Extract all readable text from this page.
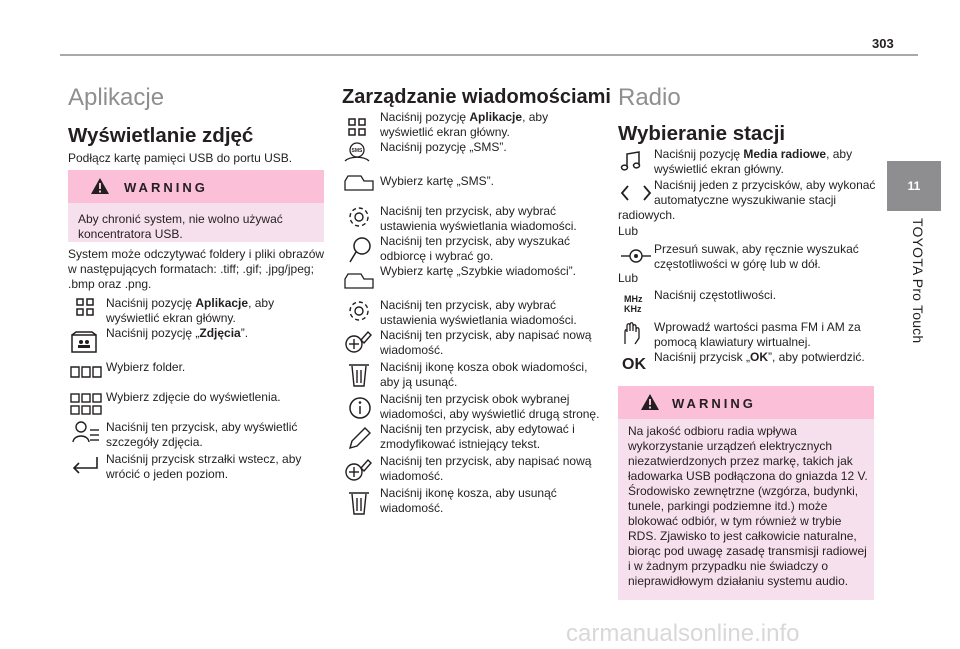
303
11
TOYOTA Pro Touch
Aplikacje
Wyświetlanie zdjęć
Podłącz kartę pamięci USB do portu USB.
WARNING
Aby chronić system, nie wolno używać koncentratora USB.
System może odczytywać foldery i pliki obrazów w następujących formatach: .tiff; .gif; .jpg/jpeg; .bmp oraz .png.
Naciśnij pozycję Aplikacje, aby wyświetlić ekran główny.
Naciśnij pozycję „Zdjęcia”.
Wybierz folder.
Wybierz zdjęcie do wyświetlenia.
Naciśnij ten przycisk, aby wyświetlić szczegóły zdjęcia.
Naciśnij przycisk strzałki wstecz, aby wrócić o jeden poziom.
Zarządzanie wiadomościami
Naciśnij pozycję Aplikacje, aby wyświetlić ekran główny.
SMS Naciśnij pozycję „SMS”.
Wybierz kartę „SMS”.
Naciśnij ten przycisk, aby wybrać ustawienia wyświetlania wiadomości.
Naciśnij ten przycisk, aby wyszukać odbiorcę i wybrać go.
Wybierz kartę „Szybkie wiadomości”.
Naciśnij ten przycisk, aby wybrać ustawienia wyświetlania wiadomości.
Naciśnij ten przycisk, aby napisać nową wiadomość.
Naciśnij ikonę kosza obok wiadomości, aby ją usunąć.
Naciśnij ten przycisk obok wybranej wiadomości, aby wyświetlić drugą stronę.
Naciśnij ten przycisk, aby edytować i zmodyfikować istniejący tekst.
Naciśnij ten przycisk, aby napisać nową wiadomość.
Naciśnij ikonę kosza, aby usunąć wiadomość.
Radio
Wybieranie stacji
Naciśnij pozycję Media radiowe, aby wyświetlić ekran główny.
Naciśnij jeden z przycisków, aby wykonać automatyczne wyszukiwanie stacji
radiowych.
Lub
Przesuń suwak, aby ręcznie wyszukać częstotliwości w górę lub w dół.
Lub
MHz
KHz
Naciśnij częstotliwości.
Wprowadź wartości pasma FM i AM za pomocą klawiatury wirtualnej.
OK Naciśnij przycisk „OK”, aby potwierdzić.
WARNING
Na jakość odbioru radia wpływa wykorzystanie urządzeń elektrycznych niezatwierdzonych przez markę, takich jak ładowarka USB podłączona do gniazda 12 V. Środowisko zewnętrzne (wzgórza, budynki, tunele, parkingi podziemne itd.) może blokować odbiór, w tym również w trybie RDS. Zjawisko to jest całkowicie naturalne, biorąc pod uwagę zasadę transmisji radiowej i w żadnym przypadku nie świadczy o nieprawidłowym działaniu systemu audio.
carmanualsonline.info
